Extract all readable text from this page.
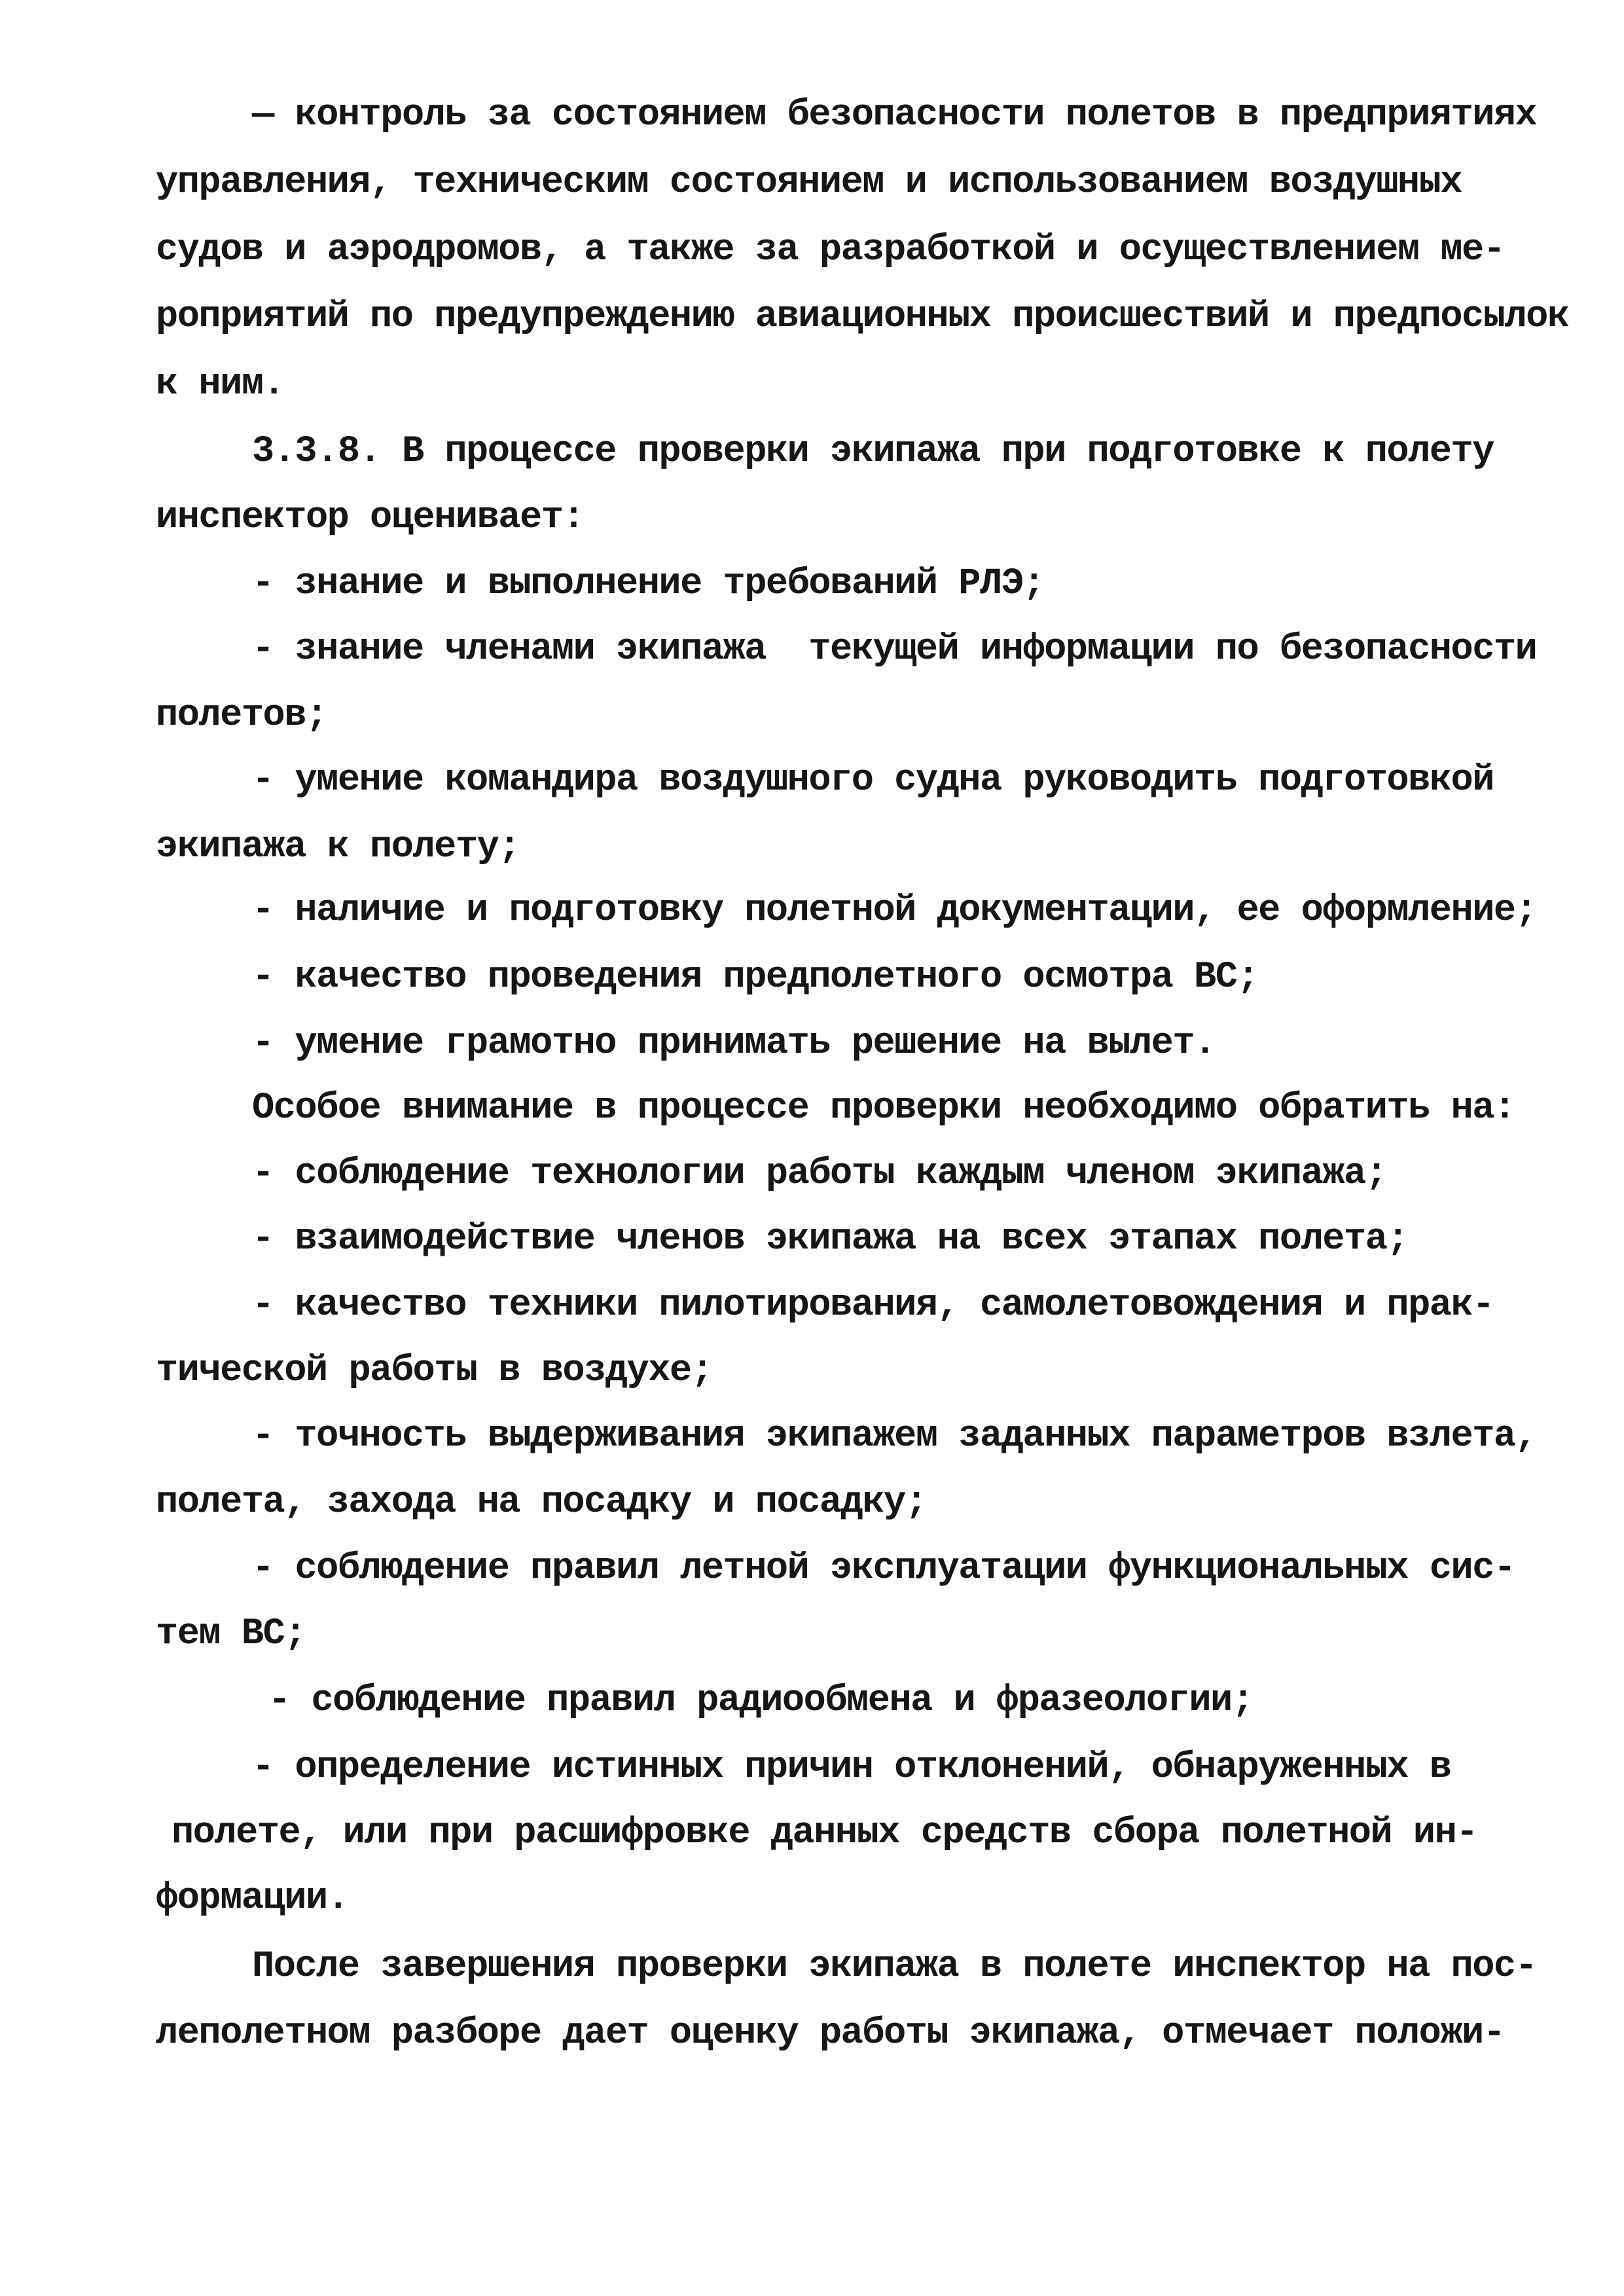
— контроль за состоянием безопасности полетов в предприятиях
управления, техническим состоянием и использованием воздушных
судов и аэродромов, а также за разработкой и осуществлением ме-
роприятий по предупреждению авиационных происшествий и предпосылок
к ним.
3.3.8. В процессе проверки экипажа при подготовке к полету
инспектор оценивает:
- знание и выполнение требований РЛЭ;
- знание членами экипажа  текущей информации по безопасности
полетов;
- умение командира воздушного судна руководить подготовкой
экипажа к полету;
- наличие и подготовку полетной документации, ее оформление;
- качество проведения предполетного осмотра ВС;
- умение грамотно принимать решение на вылет.
Особое внимание в процессе проверки необходимо обратить на:
- соблюдение технологии работы каждым членом экипажа;
- взаимодействие членов экипажа на всех этапах полета;
- качество техники пилотирования, самолетовождения и прак-
тической работы в воздухе;
- точность выдерживания экипажем заданных параметров взлета,
полета, захода на посадку и посадку;
- соблюдение правил летной эксплуатации функциональных сис-
тем ВС;
- соблюдение правил радиообмена и фразеологии;
- определение истинных причин отклонений, обнаруженных в
полете, или при расшифровке данных средств сбора полетной ин-
формации.
После завершения проверки экипажа в полете инспектор на пос-
леполетном разборе дает оценку работы экипажа, отмечает положи-
